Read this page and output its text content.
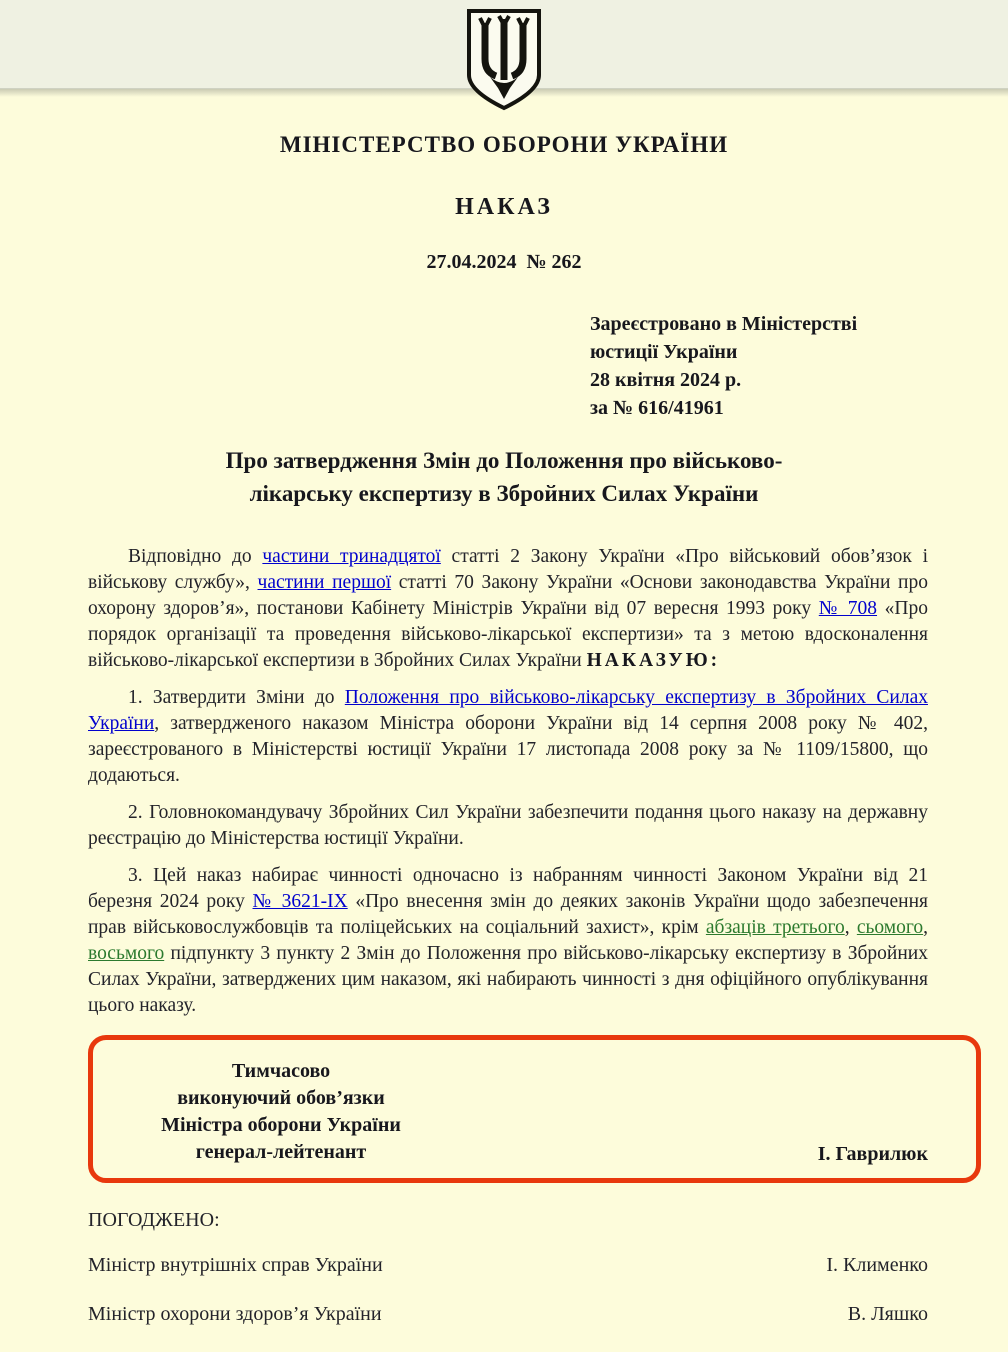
МІНІСТЕРСТВО ОБОРОНИ УКРАЇНИ
НАКАЗ
27.04.2024  № 262
Зареєстровано в Міністерстві
юстиції України
28 квітня 2024 р.
за № 616/41961
Про затвердження Змін до Положення про військово-
лікарську експертизу в Збройних Силах України

Відповідно до частини тринадцятої статті 2 Закону України «Про військовий обов’язок і військову службу», частини першої статті 70 Закону України «Основи законодавства України про охорону здоров’я», постанови Кабінету Міністрів України від 07 вересня 1993 року № 708 «Про порядок організації та проведення військово-лікарської експертизи» та з метою вдосконалення військово-лікарської експертизи в Збройних Силах України НАКАЗУЮ:

1. Затвердити Зміни до Положення про військово-лікарську експертизу в Збройних Силах України, затвердженого наказом Міністра оборони України від 14 серпня 2008 року № 402, зареєстрованого в Міністерстві юстиції України 17 листопада 2008 року за № 1109/15800, що додаються.

2. Головнокомандувачу Збройних Сил України забезпечити подання цього наказу на державну реєстрацію до Міністерства юстиції України.

3. Цей наказ набирає чинності одночасно із набранням чинності Законом України від 21 березня 2024 року № 3621-IX «Про внесення змін до деяких законів України щодо забезпечення прав військовослужбовців та поліцейських на соціальний захист», крім абзаців третього, сьомого, восьмого підпункту 3 пункту 2 Змін до Положення про військово-лікарську експертизу в Збройних Силах України, затверджених цим наказом, які набирають чинності з дня офіційного опублікування цього наказу.

Тимчасово
виконуючий обов’язки
Міністра оборони України
генерал-лейтенант	І. Гаврилюк

ПОГОДЖЕНО:

Міністр внутрішніх справ України	І. Клименко
Міністр охорони здоров’я України	В. Ляшко
